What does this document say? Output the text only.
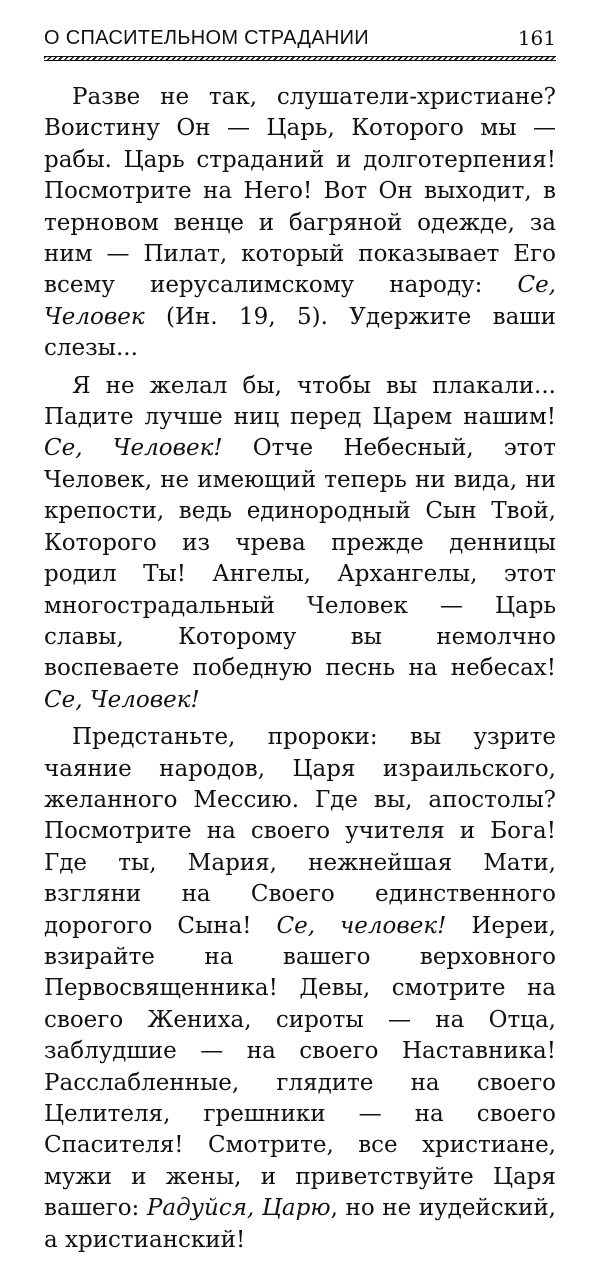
О СПАСИТЕЛЬНОМ СТРАДАНИИ	161

Разве не так, слушатели-христиане? Воистину Он — Царь, Которого мы — рабы. Царь страданий и долготерпения! Посмотрите на Него! Вот Он выходит, в терновом венце и багряной одежде, за ним — Пилат, который показывает Его всему иерусалимскому народу: Се, Человек (Ин. 19, 5). Удержите ваши слезы...

Я не желал бы, чтобы вы плакали... Падите лучше ниц перед Царем нашим! Се, Человек! Отче Небесный, этот Человек, не имеющий теперь ни вида, ни крепости, ведь единородный Сын Твой, Которого из чрева прежде денницы родил Ты! Ангелы, Архангелы, этот многострадальный Человек — Царь славы, Которому вы немолчно воспеваете победную песнь на небесах! Се, Человек!

Предстаньте, пророки: вы узрите чаяние народов, Царя израильского, желанного Мессию. Где вы, апостолы? Посмотрите на своего учителя и Бога! Где ты, Мария, нежнейшая Мати, взгляни на Своего единственного дорогого Сына! Се, человек! Иереи, взирайте на вашего верховного Первосвященника! Девы, смотрите на своего Жениха, сироты — на Отца, заблудшие — на своего Наставника! Расслабленные, глядите на своего Целителя, грешники — на своего Спасителя! Смотрите, все христиане, мужи и жены, и приветствуйте Царя вашего: Радуйся, Царю, но не иудейский, а христианский!
